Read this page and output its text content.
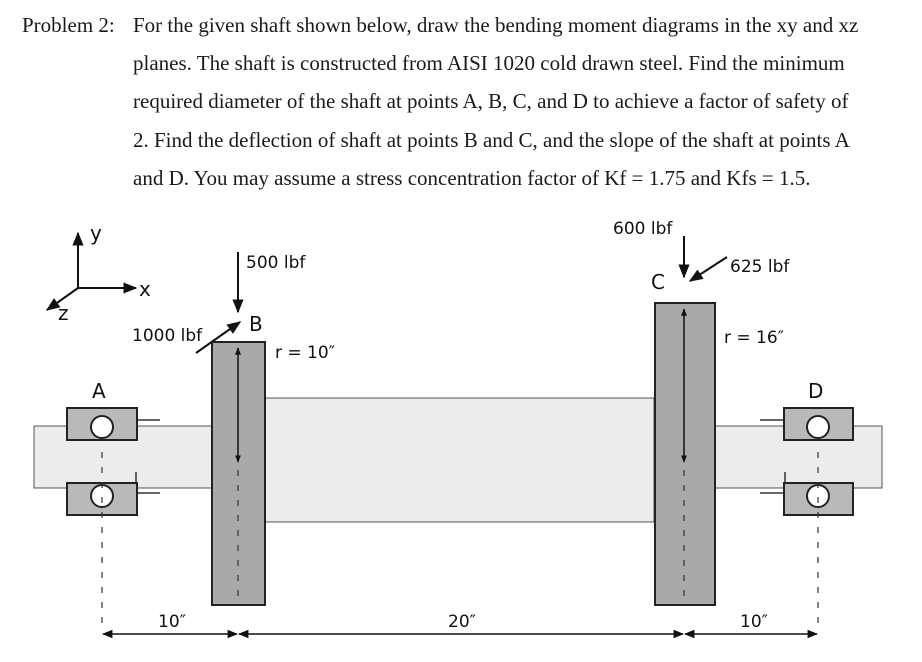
Problem 2: For the given shaft shown below, draw the bending moment diagrams in the xy and xz
planes. The shaft is constructed from AISI 1020 cold drawn steel. Find the minimum
required diameter of the shaft at points A, B, C, and D to achieve a factor of safety of
2. Find the deflection of shaft at points B and C, and the slope of the shaft at points A
and D. You may assume a stress concentration factor of Kf = 1.75 and Kfs = 1.5.
y
x
z
A	D
500 lbf
1000 lbf B
r = 10″
600 lbf
625 lbf
C
r = 16″
10″	20″	10″
